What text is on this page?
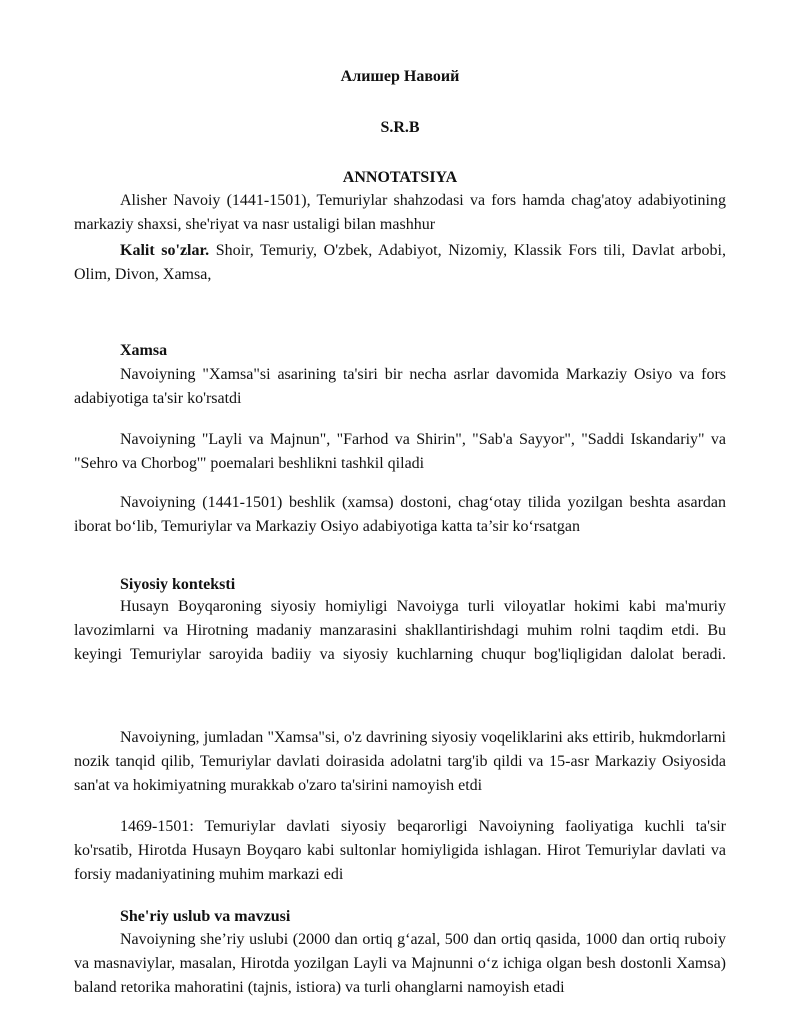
Алишер Навоий
S.R.B
ANNOTATSIYA

Alisher Navoiy (1441-1501), Temuriylar shahzodasi va fors hamda chag'atoy adabiyotining markaziy shaxsi, she'riyat va nasr ustaligi bilan mashhur

Kalit so'zlar. Shoir, Temuriy, O'zbek, Adabiyot, Nizomiy, Klassik Fors tili, Davlat arbobi, Olim, Divon, Xamsa,

Xamsa

Navoiyning "Xamsa"si asarining ta'siri bir necha asrlar davomida Markaziy Osiyo va fors adabiyotiga ta'sir ko'rsatdi

Navoiyning "Layli va Majnun", "Farhod va Shirin", "Sab'a Sayyor", "Saddi Iskandariy" va "Sehro va Chorbog'" poemalari beshlikni tashkil qiladi

Navoiyning (1441-1501) beshlik (xamsa) dostoni, chag‘otay tilida yozilgan beshta asardan iborat bo‘lib, Temuriylar va Markaziy Osiyo adabiyotiga katta ta’sir ko‘rsatgan

Siyosiy konteksti

Husayn Boyqaroning siyosiy homiyligi Navoiyga turli viloyatlar hokimi kabi ma'muriy lavozimlarni va Hirotning madaniy manzarasini shakllantirishdagi muhim rolni taqdim etdi. Bu keyingi Temuriylar saroyida badiiy va siyosiy kuchlarning chuqur bog'liqligidan dalolat beradi.

Navoiyning, jumladan "Xamsa"si, o'z davrining siyosiy voqeliklarini aks ettirib, hukmdorlarni nozik tanqid qilib, Temuriylar davlati doirasida adolatni targ'ib qildi va 15-asr Markaziy Osiyosida san'at va hokimiyatning murakkab o'zaro ta'sirini namoyish etdi

1469-1501: Temuriylar davlati siyosiy beqarorligi Navoiyning faoliyatiga kuchli ta'sir ko'rsatib, Hirotda Husayn Boyqaro kabi sultonlar homiyligida ishlagan. Hirot Temuriylar davlati va forsiy madaniyatining muhim markazi edi

She'riy uslub va mavzusi

Navoiyning she’riy uslubi (2000 dan ortiq g‘azal, 500 dan ortiq qasida, 1000 dan ortiq ruboiy va masnaviylar, masalan, Hirotda yozilgan Layli va Majnunni o‘z ichiga olgan besh dostonli Xamsa) baland retorika mahoratini (tajnis, istiora) va turli ohanglarni namoyish etadi
